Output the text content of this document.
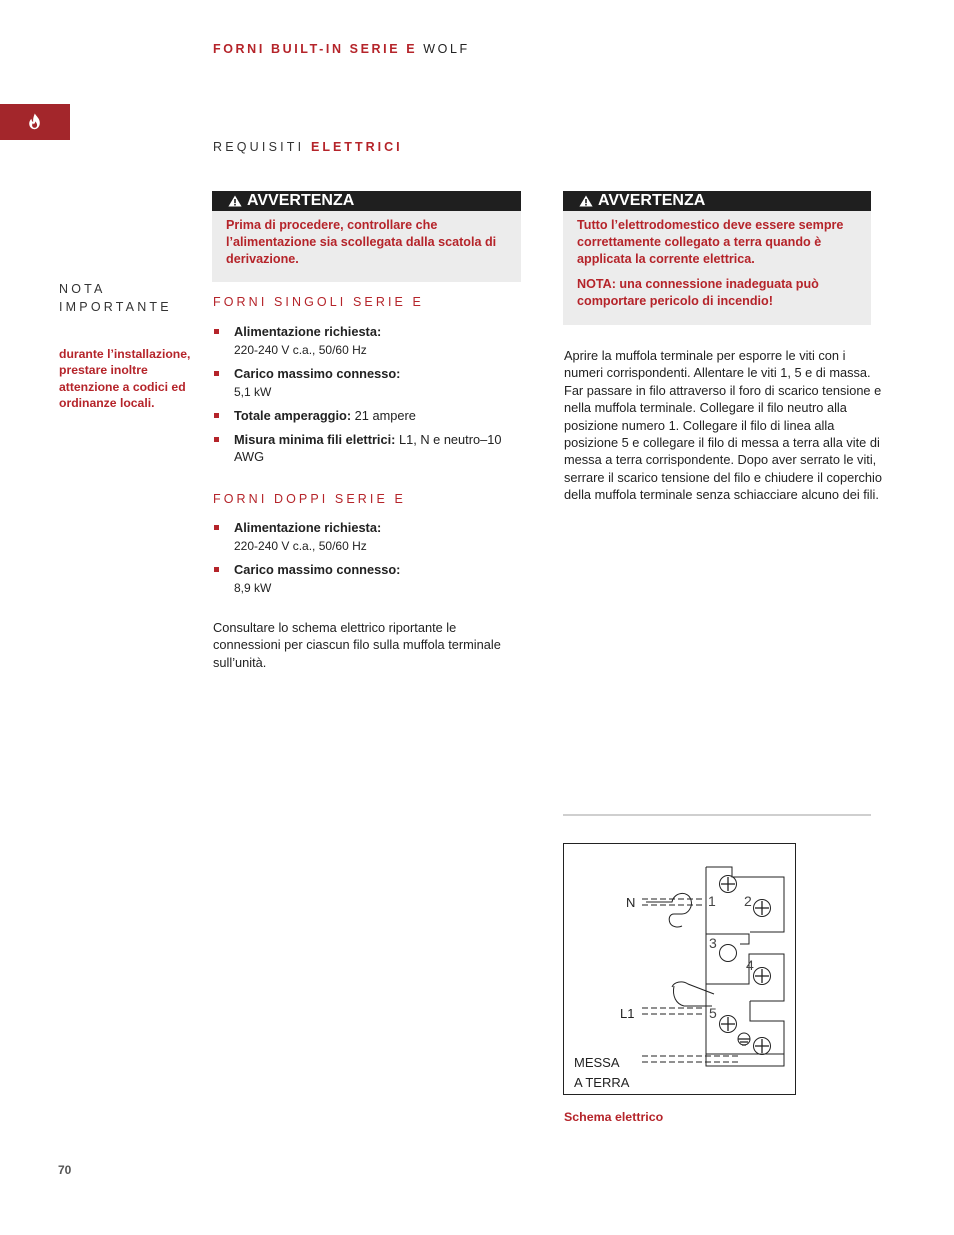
FORNI BUILT-IN SERIE E WOLF
REQUISITI ELETTRICI
NOTA
IMPORTANTE
durante l’installazione, prestare inoltre attenzione a codici ed ordinanze locali.
AVVERTENZA

Prima di procedere, controllare che l’alimentazione sia scollegata dalla scatola di derivazione.

AVVERTENZA

Tutto l’elettrodomestico deve essere sempre correttamente collegato a terra quando è applicata la corrente elettrica.

NOTA: una connessione inadeguata può comportare pericolo di incendio!

FORNI SINGOLI SERIE E
Alimentazione richiesta:
220-240 V c.a., 50/60 Hz
Carico massimo connesso:
5,1 kW
Totale amperaggio: 21 ampere
Misura minima fili elettrici: L1, N e neutro–10 AWG
FORNI DOPPI SERIE E
Alimentazione richiesta:
220-240 V c.a., 50/60 Hz
Carico massimo connesso:
8,9 kW
Consultare lo schema elettrico riportante le connessioni per ciascun filo sulla muffola terminale sull’unità.
Aprire la muffola terminale per esporre le viti con i numeri corrispondenti. Allentare le viti 1, 5 e di massa. Far passare in filo attraverso il foro di scarico tensione e nella muffola terminale. Collegare il filo neutro alla posizione numero 1. Collegare il filo di linea alla posizione 5 e collegare il filo di messa a terra alla vite di messa a terra corrispondente. Dopo aver serrato le viti, serrare il scarico tensione del filo e chiudere il coperchio della muffola terminale senza schiacciare alcuno dei fili.
N
L1
MESSA
A TERRA
1 2
3
4
5
Schema elettrico
70
